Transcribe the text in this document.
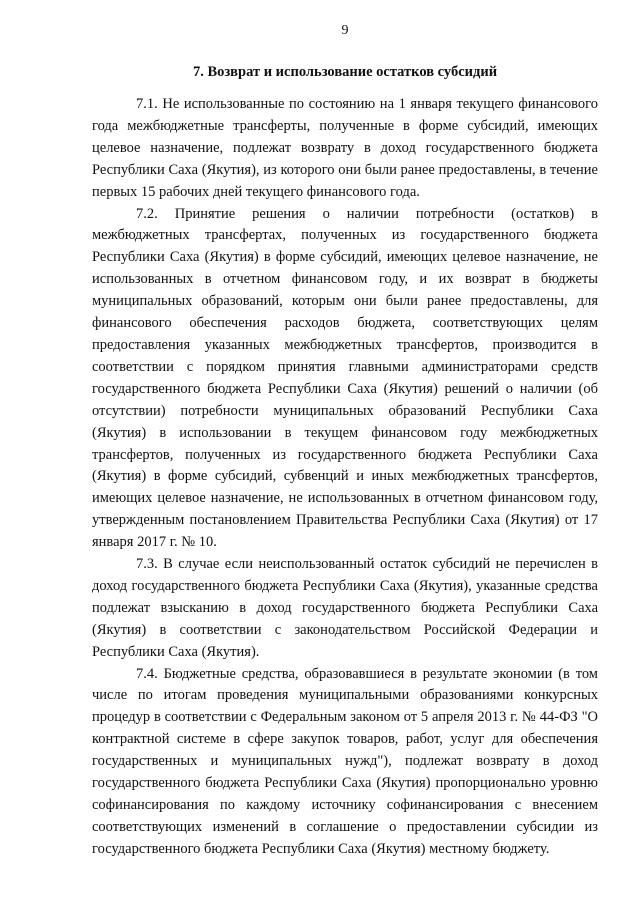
9
7. Возврат и использование остатков субсидий

7.1. Не использованные по состоянию на 1 января текущего финансового года межбюджетные трансферты, полученные в форме субсидий, имеющих целевое назначение, подлежат возврату в доход государственного бюджета Республики Саха (Якутия), из которого они были ранее предоставлены, в течение первых 15 рабочих дней текущего финансового года.

7.2. Принятие решения о наличии потребности (остатков) в межбюджетных трансфертах, полученных из государственного бюджета Республики Саха (Якутия) в форме субсидий, имеющих целевое назначение, не использованных в отчетном финансовом году, и их возврат в бюджеты муниципальных образований, которым они были ранее предоставлены, для финансового обеспечения расходов бюджета, соответствующих целям предоставления указанных межбюджетных трансфертов, производится в соответствии с порядком принятия главными администраторами средств государственного бюджета Республики Саха (Якутия) решений о наличии (об отсутствии) потребности муниципальных образований Республики Саха (Якутия) в использовании в текущем финансовом году межбюджетных трансфертов, полученных из государственного бюджета Республики Саха (Якутия) в форме субсидий, субвенций и иных межбюджетных трансфертов, имеющих целевое назначение, не использованных в отчетном финансовом году, утвержденным постановлением Правительства Республики Саха (Якутия) от 17 января 2017 г. № 10.

7.3. В случае если неиспользованный остаток субсидий не перечислен в доход государственного бюджета Республики Саха (Якутия), указанные средства подлежат взысканию в доход государственного бюджета Республики Саха (Якутия) в соответствии с законодательством Российской Федерации и Республики Саха (Якутия).

7.4. Бюджетные средства, образовавшиеся в результате экономии (в том числе по итогам проведения муниципальными образованиями конкурсных процедур в соответствии с Федеральным законом от 5 апреля 2013 г. № 44-ФЗ "О контрактной системе в сфере закупок товаров, работ, услуг для обеспечения государственных и муниципальных нужд"), подлежат возврату в доход государственного бюджета Республики Саха (Якутия) пропорционально уровню софинансирования по каждому источнику софинансирования с внесением соответствующих изменений в соглашение о предоставлении субсидии из государственного бюджета Республики Саха (Якутия) местному бюджету.
